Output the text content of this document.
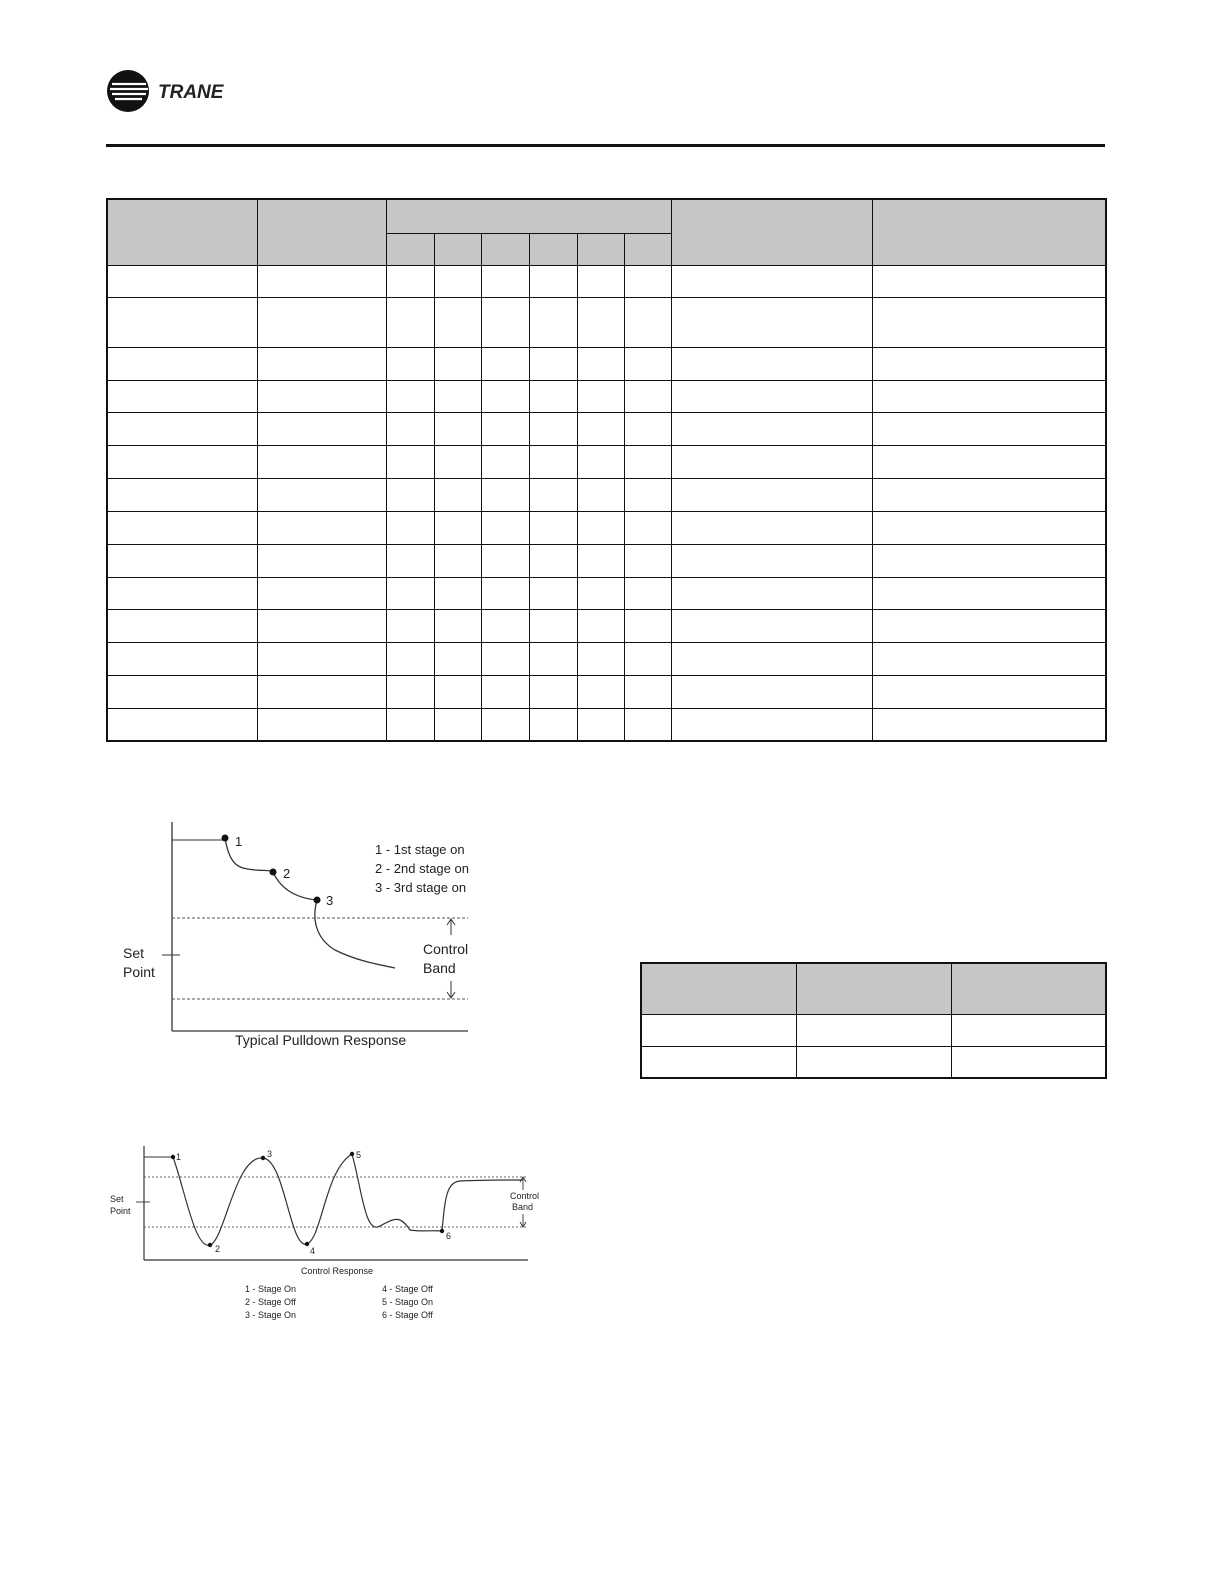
TRANE

1
2
3
1 - 1st stage on
2 - 2nd stage on
3 - 3rd stage on
Control
Band
Set
Point
Typical Pulldown Response

1
2
3
4
5
6
Control
Band
Set
Point
Control Response
1 - Stage On
2 - Stage Off
3 - Stage On
4 - Stage Off
5 - Stago On
6 - Stage Off
